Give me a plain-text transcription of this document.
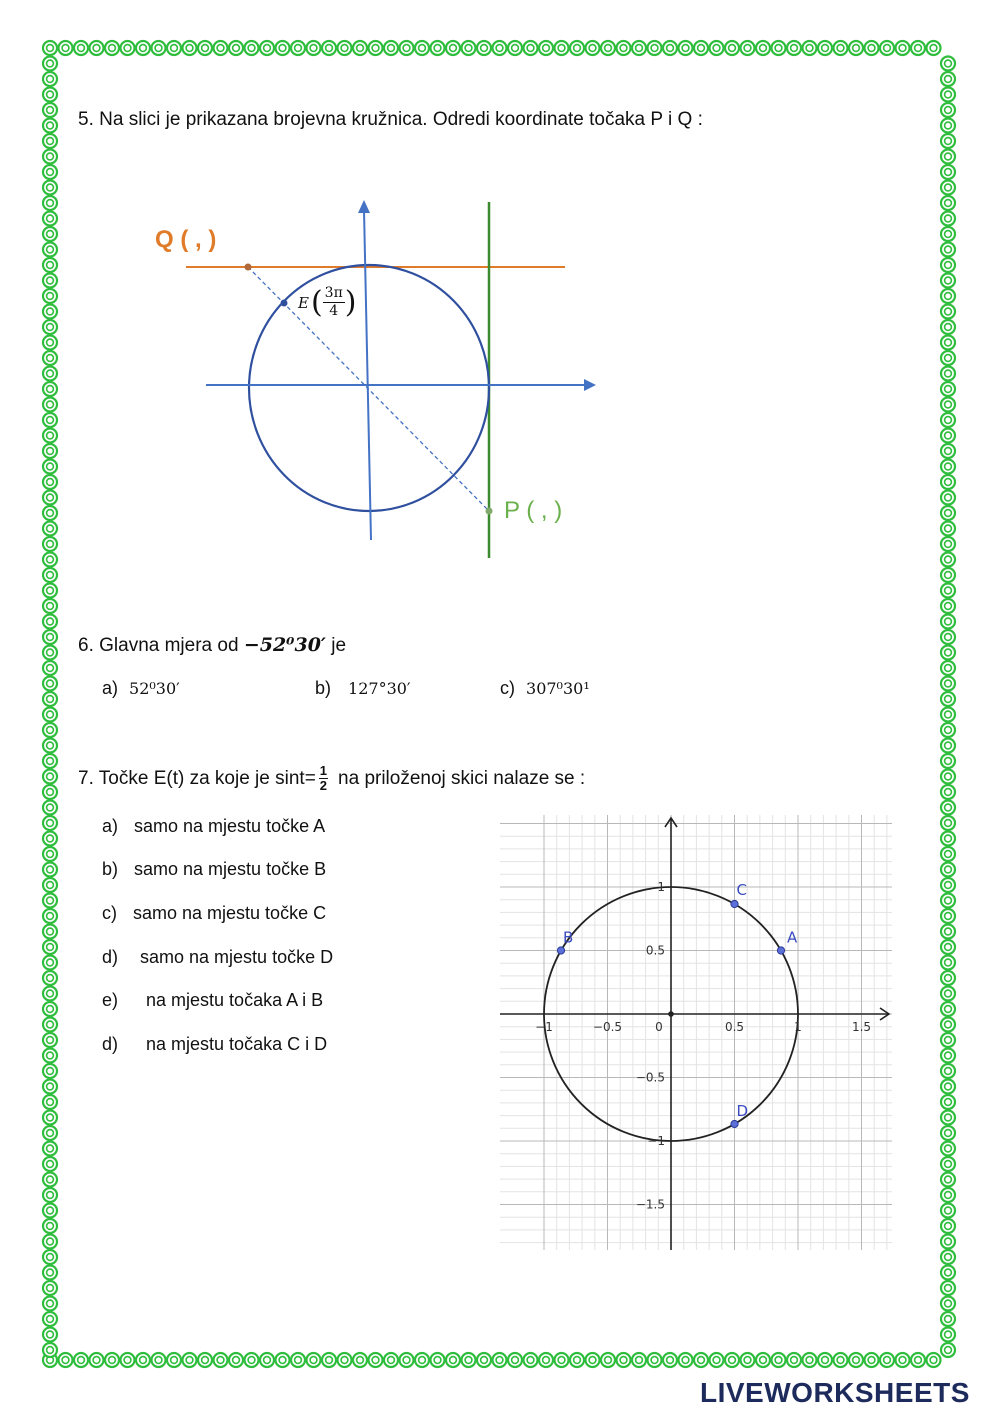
5. Na slici je prikazana brojevna kružnica. Odredi koordinate točaka P i Q :
Q ( , )
P ( , )
E ( $\frac{3\pi}{4}$ )
6. Glavna mjera od −52⁰30′ je
a) 52⁰30′	b) 127°30′	c) 307⁰30¹
7. Točke E(t) za koje je $\sin t= \frac{1}{2}$ na priloženoj skici nalaze se :
a) samo na mjestu točke A
b) samo na mjestu točke B
c) samo na mjestu točke C
d) samo na mjestu točke D
e) na mjestu točaka A i B
d) na mjestu točaka C i D
−1	−0.5	0	0.5	1	1.5
1
0.5
−0.5
−1
−1.5
A
B
C
D
LIVEWORKSHEETS
